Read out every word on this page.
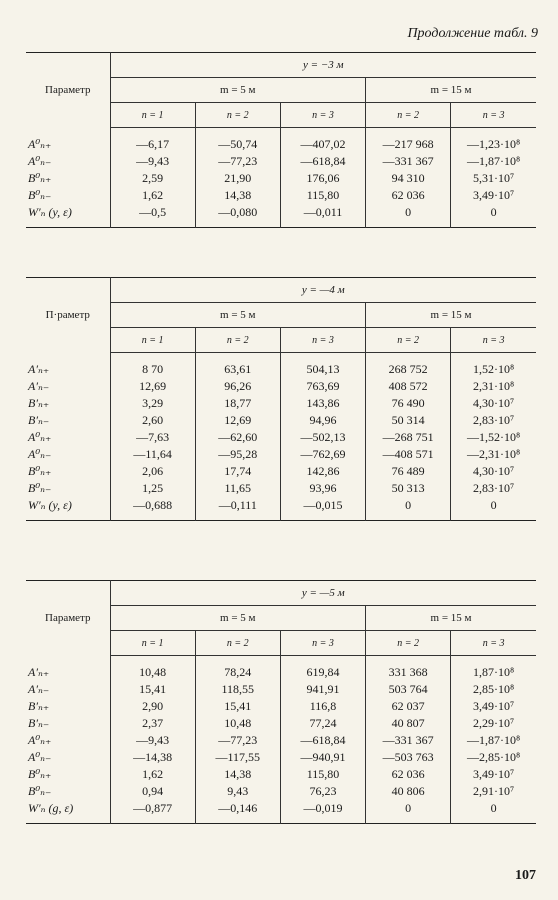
Продолжение табл. 9
Параметр	y = −3 м				
	m = 5 м			m = 15 м	
	n = 1	n = 2	n = 3	n = 2	n = 3
A⁰ₙ₊	—6,17	—50,74	—407,02	—217 968	—1,23·10⁸
A⁰ₙ₋	—9,43	—77,23	—618,84	—331 367	—1,87·10⁸
B⁰ₙ₊	2,59	21,90	176,06	94 310	5,31·10⁷
B⁰ₙ₋	1,62	14,38	115,80	62 036	3,49·10⁷
W′ₙ (y, ε)	—0,5	—0,080	—0,011	0	0

П·раметр	y = —4 м				
	m = 5 м			m = 15 м	
	n = 1	n = 2	n = 3	n = 2	n = 3
A′ₙ₊	8 70	63,61	504,13	268 752	1,52·10⁸
A′ₙ₋	12,69	96,26	763,69	408 572	2,31·10⁸
B′ₙ₊	3,29	18,77	143,86	76 490	4,30·10⁷
B′ₙ₋	2,60	12,69	94,96	50 314	2,83·10⁷
A⁰ₙ₊	—7,63	—62,60	—502,13	—268 751	—1,52·10⁸
A⁰ₙ₋	—11,64	—95,28	—762,69	—408 571	—2,31·10⁸
B⁰ₙ₊	2,06	17,74	142,86	76 489	4,30·10⁷
B⁰ₙ₋	1,25	11,65	93,96	50 313	2,83·10⁷
W′ₙ (y, ε)	—0,688	—0,111	—0,015	0	0

Параметр	y = —5 м				
	m = 5 м			m = 15 м	
	n = 1	n = 2	n = 3	n = 2	n = 3
A′ₙ₊	10,48	78,24	619,84	331 368	1,87·10⁸
A′ₙ₋	15,41	118,55	941,91	503 764	2,85·10⁸
B′ₙ₊	2,90	15,41	116,8	62 037	3,49·10⁷
B′ₙ₋	2,37	10,48	77,24	40 807	2,29·10⁷
A⁰ₙ₊	—9,43	—77,23	—618,84	—331 367	—1,87·10⁸
A⁰ₙ₋	—14,38	—117,55	—940,91	—503 763	—2,85·10⁸
B⁰ₙ₊	1,62	14,38	115,80	62 036	3,49·10⁷
B⁰ₙ₋	0,94	9,43	76,23	40 806	2,91·10⁷
W′ₙ (g, ε)	—0,877	—0,146	—0,019	0	0

107
